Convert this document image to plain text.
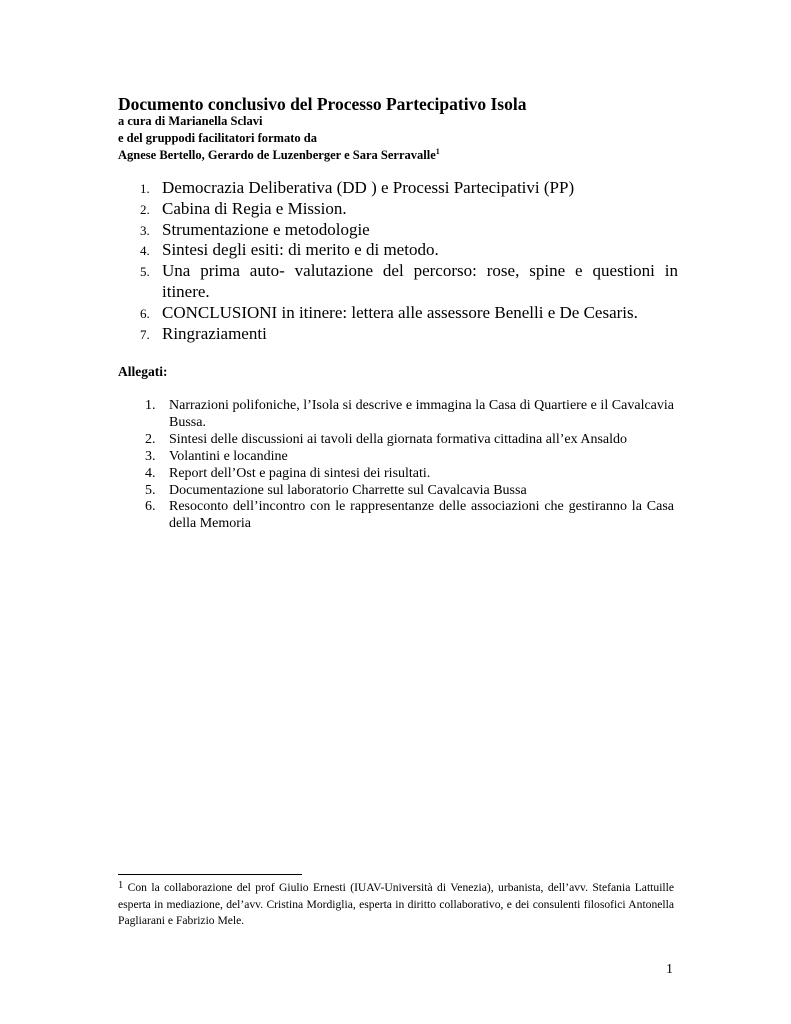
Documento conclusivo del Processo Partecipativo Isola
a cura di Marianella Sclavi
e del gruppodi facilitatori formato da
Agnese Bertello, Gerardo de Luzenberger e Sara Serravalle$^1$
1. Democrazia Deliberativa (DD ) e Processi Partecipativi (PP)
2. Cabina di Regia e Mission.
3. Strumentazione e metodologie
4. Sintesi degli esiti: di merito e di metodo.
5. Una prima auto- valutazione del percorso: rose, spine e questioni in
itinere.
6. CONCLUSIONI in itinere: lettera alle assessore Benelli e De Cesaris.
7. Ringraziamenti
Allegati:
1. Narrazioni polifoniche, l’Isola si descrive e immagina la Casa di Quartiere e il Cavalcavia Bussa.
2. Sintesi delle discussioni ai tavoli della giornata formativa cittadina all’ex Ansaldo
3. Volantini e locandine
4. Report dell’Ost e pagina di sintesi dei risultati.
5. Documentazione sul laboratorio Charrette sul Cavalcavia Bussa
6. Resoconto dell’incontro con le rappresentanze delle associazioni che gestiranno la Casa della Memoria
$^1$ Con la collaborazione del prof Giulio Ernesti (IUAV-Università di Venezia), urbanista, dell’avv. Stefania Lattuille esperta in mediazione, del’avv. Cristina Mordiglia, esperta in diritto collaborativo, e dei consulenti filosofici Antonella Pagliarani e Fabrizio Mele.
1
